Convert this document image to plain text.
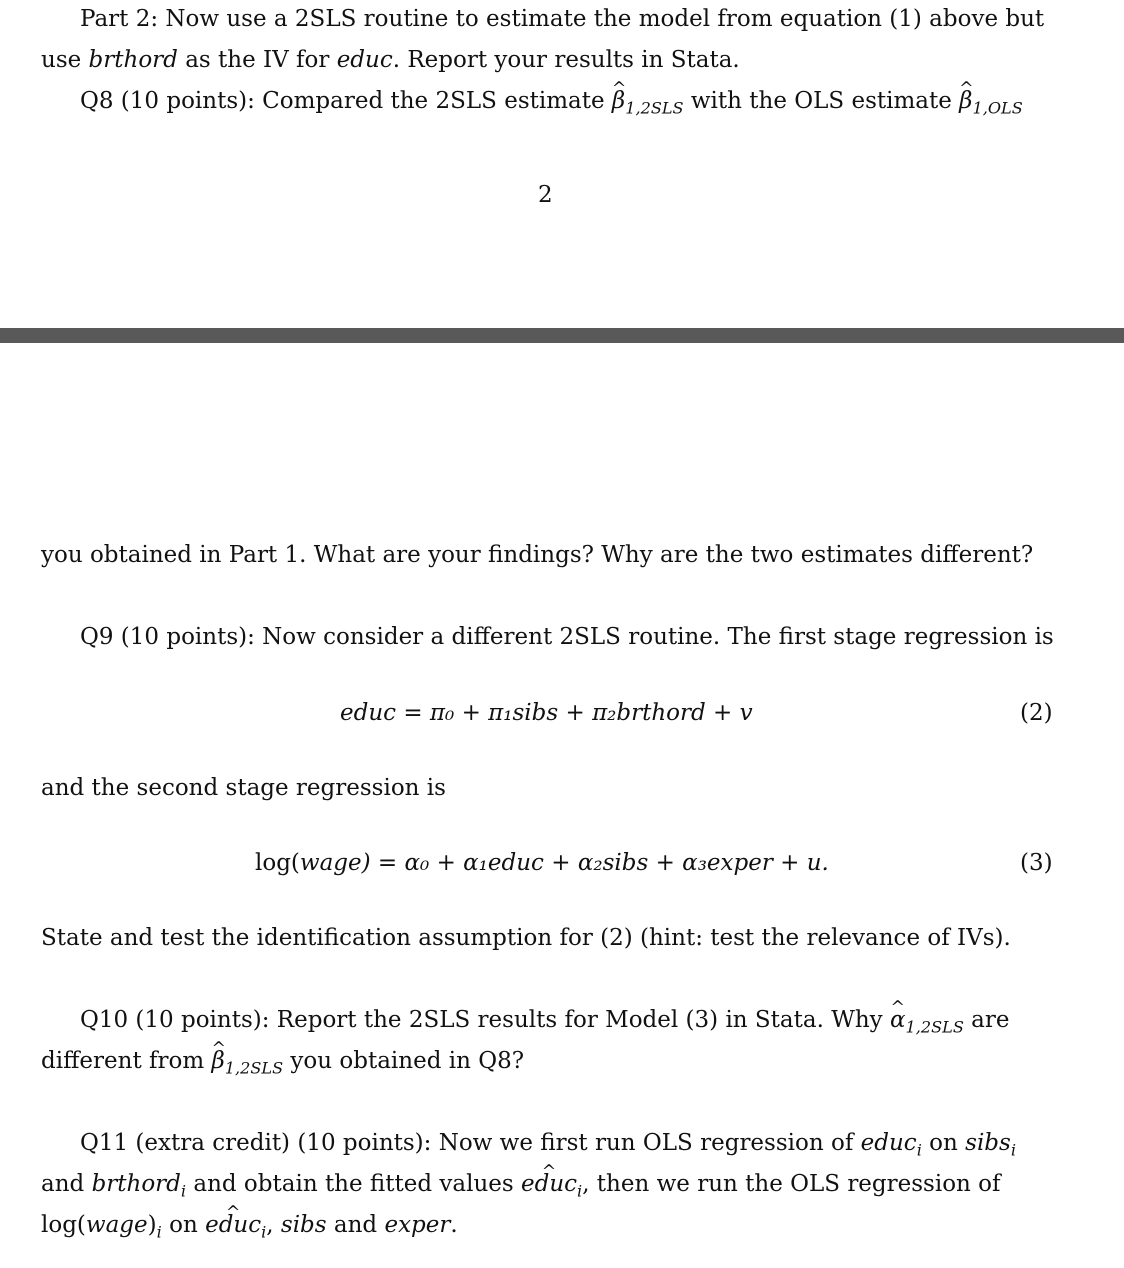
Part 2: Now use a 2SLS routine to estimate the model from equation (1) above but
use brthord as the IV for educ. Report your results in Stata.
Q8 (10 points): Compared the 2SLS estimate ^ $\beta_{1,2SLS}$ with the OLS estimate ^ $\beta_{1,OLS}$
2
you obtained in Part 1. What are your findings? Why are the two estimates different?
Q9 (10 points): Now consider a different 2SLS routine. The first stage regression is
educ = π₀ + π₁sibs + π₂brthord + v	(2)
and the second stage regression is
log(wage) = α₀ + α₁educ + α₂sibs + α₃exper + u.	(3)
State and test the identification assumption for (2) (hint: test the relevance of IVs).
Q10 (10 points): Report the 2SLS results for Model (3) in Stata. Why ^ $\alpha_{1,2SLS}$ are
different from ^ $\beta_{1,2SLS}$ you obtained in Q8?
Q11 (extra credit) (10 points): Now we first run OLS regression of educ$_i$ on sibs$_i$
and brthord$_i$ and obtain the fitted values ^ educ$_i$, then we run the OLS regression of
$\log(wage)_i$ on ^ educ$_i$, sibs and exper.
